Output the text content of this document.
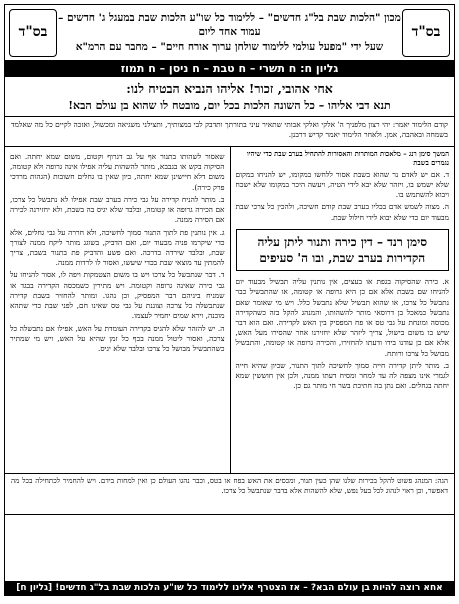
בס"ד
מכון "הלכות שבת בל"ג חדשים" – ללימוד כל שו"ע הלכות שבת במעגל ג' חדשים – עמוד אחד ליום
שעל ידי "מפעל עולמי ללימוד שולחן ערוך אורח חיים" – מחבר עם הרמ"א
בס"ד
גליון ח: ח תשרי – ח טבת – ח ניסן – ח תמוז
אחי אהובי, זכור! אליהו הנביא הבטיח לנו:
תנא דבי אליהו – כל השונה הלכות בכל יום, מובטח לו שהוא בן עולם הבא!
קודם הלימוד יאמר: יהי רצון מלפניך ה' אלקי ואלקי אבותי שתאיר עיני בתורתך ותדבק לבי במצותיך, ותצילני משגיאה ומכשול, ואזכה לקיים כל מה שאלמד בשמחה ובאהבה, אמן. ולאחר הלימוד יאמר קדיש דרבנן.
המשך סימן רנג – מלאכות המותרות והאסורות להתחיל בערב שבת כדי שיהיו נגמרים בשבת

ד. אם יש לאדם נר שהוא בשבת אסור ללחשו במקומו, יש להניחו במקום שלא ישמש בו, ויזהר שלא יבא לידי הטיה, ויעשה היכר במקומו שלא ישכח ויבוא להשתמש בו.

ה. מצוה לשמש אדם בכליו בערב שבת קודם חשיכה, ולהכין כל צרכי שבת מבעוד יום כדי שלא יבוא לידי חילול שבת.

סימן רנד – דין כירה ותנור ליתן עליה
הקדירות בערב שבת, ובו ה' סעיפים

א. כירה שהסיקוה בגפת או בעצים, אין נותנין עליה תבשיל מבעוד יום להניחו שם בשבת אלא אם כן היא גרופה או קטומה, או שהתבשיל כבר נתבשל כל צרכו, או שהוא תבשיל שלא נתבשל כלל. ויש מי שאומר שאם נתבשל כמאכל בן דרוסאי מותר להשהותו, והמנהג להקל בזה כשהקדירה מכוסה ומונחת על גבי טס או פח המפסיק בין האש לקדירה. ואם הוא דבר שיש בו משום בישול, צריך ליזהר שלא יחזירנו אחר שהסירו מעל האש, אלא אם כן עודנו בידו ודעתו להחזירו, והכירה גרופה או קטומה, והתבשיל מבושל כל צרכו ורותח.

ב. מותר ליתן קדירה חייה סמוך לחשיכה לתוך התנור, שכיון שהיא חייה לגמרי אינו מצפה לה עד למחר ומסיח דעתו ממנה, ולכן אין חוששין שמא יחתה בגחלים. ואם נתן בה חתיכת בשר חי מותר גם כן.

שאסור לשהותו בתנור אף על גב דגרוף וקטום, משום שמא יחתה. ואם הסיקוה בקש או בגבבא, מותר להשהות עליה אפילו אינה גרופה ולא קטומה, משום דלא חיישינן שמא יחתה, כיון שאין בו גחלים חשובות (הגהות מרדכי פרק כירה).

ב. מותר להניח קדירה על גבי כירה בערב שבת אפילו לא נתבשל כל צרכו, אם הכירה גרופה או קטומה, ובלבד שלא יגיס בה בשבת, ולא יחזירנה לכירה אם הסירה ממנה.

ג. אין נותנין פת לתוך התנור סמוך לחשיכה, ולא חררה על גבי גחלים, אלא כדי שיקרמו פניה מבעוד יום, ואם הדביק, בשוגג מותר ליקח ממנה לצורך שבת, ובלבד שירדה כדרכה. ואם פשע והדביק פת בתנור בשבת, צריך להמתין עד מוצאי שבת בכדי שיעשו, ואסור לו לרדות ממנה.

ד. דבר שנתבשל כל צרכו ויש בו משום הצטמקות ויפה לו, אסור להניחו על גבי כירה שאינה גרופה וקטומה. ויש מתירין כשמכסה הקדירה בבגד או שמניח ביניהם דבר המפסיק, וכן נהגו. ומותר להחזיר בשבת קדירה שנתבשלה כל צרכה וצוננת על גבי טס שאינו חם, לפני שבת כדי שתהא מוכנה, וירא שמים יחמיר לעצמו.

ה. יש להזהר שלא להגיס בקדירה העומדת על האש, אפילו אם נתבשלה כל צרכה, ואסור ליטול ממנה בכף כל זמן שהיא על האש, ויש מי שמתיר כשהתבשיל מבושל כל צרכו ובלבד שלא יגיס.

הגה: המנהג פשוט להקל בכירות שלנו שהן כעין תנור, ומכסים את האש בפח או בטס, וכבר נהגו העולם כן ואין למחות בידם. ויש להחמיר לכתחילה בכל מה דאפשר, וכן ראוי לנהוג לכל בעל נפש, שלא להשהות אלא בדבר שנתבשל כל צרכו.
אחא רוצה להיות בן עולם הבא? – אז הצטרף אלינו ללימוד כל שו"ע הלכות שבת בל"ג חדשים! [גליון ח]
